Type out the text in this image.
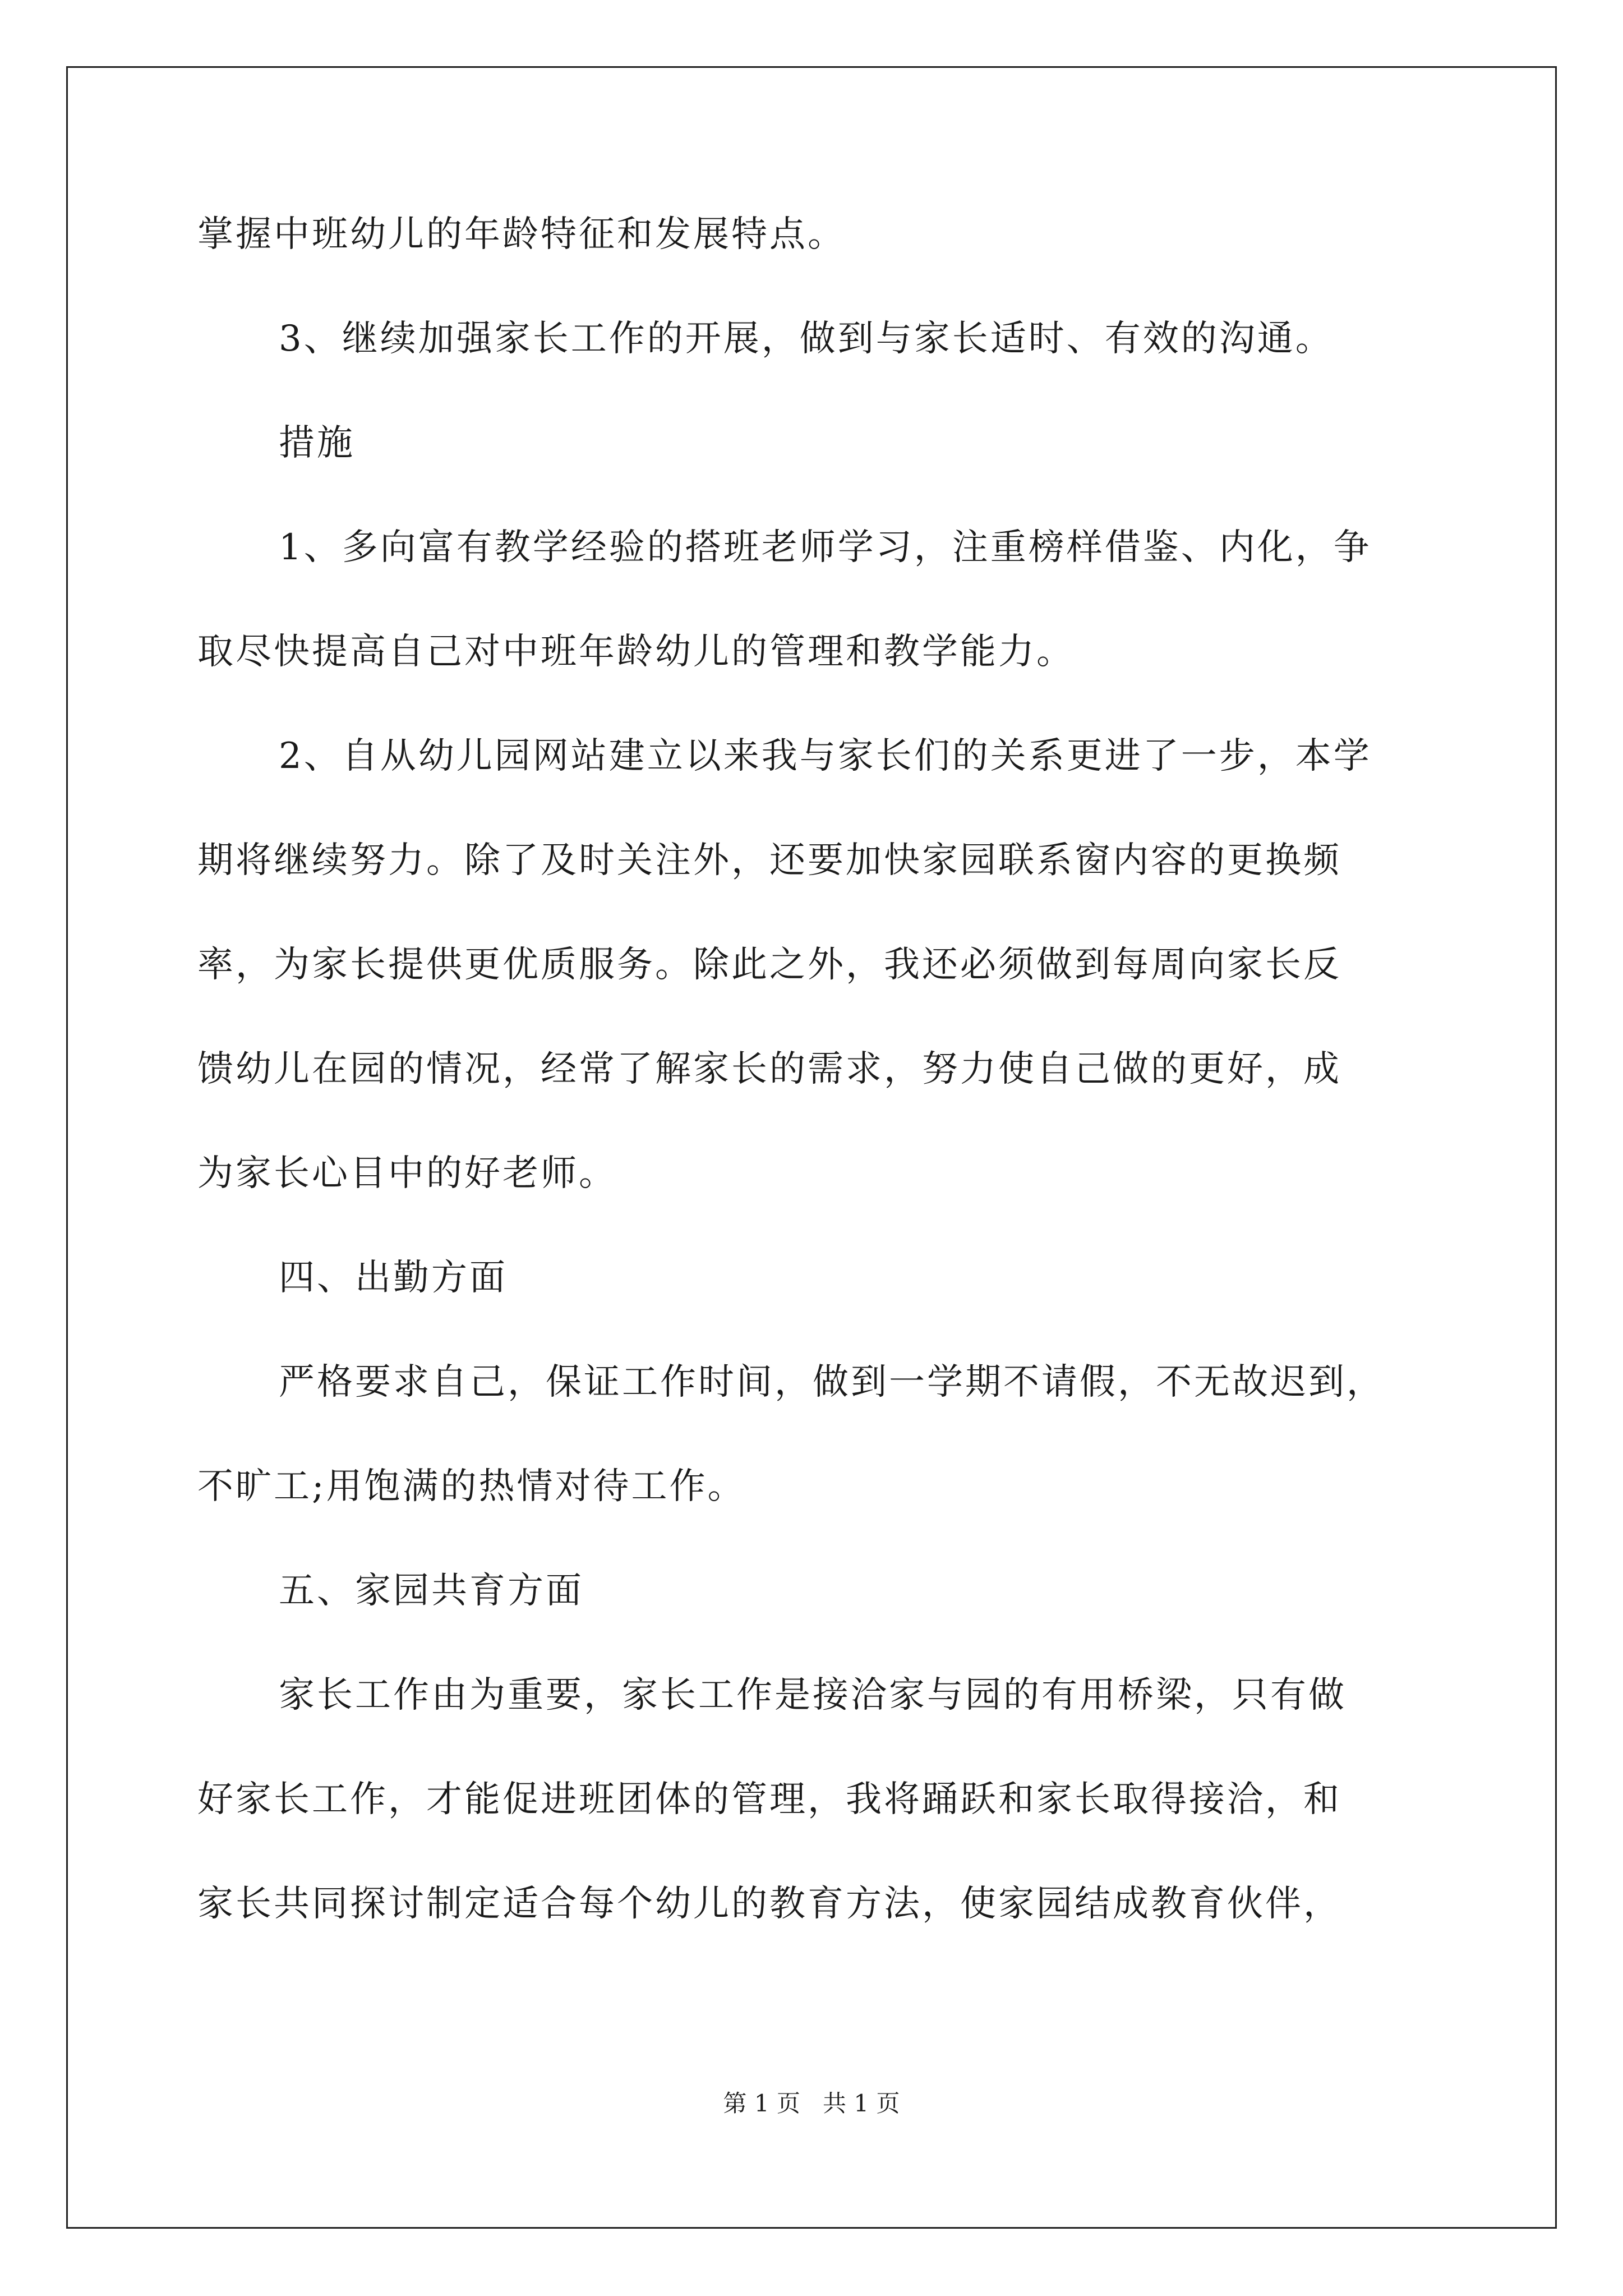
掌握中班幼儿的年龄特征和发展特点。
3、继续加强家长工作的开展，做到与家长适时、有效的沟通。
措施
1、多向富有教学经验的搭班老师学习，注重榜样借鉴、内化，争
取尽快提高自己对中班年龄幼儿的管理和教学能力。
2、自从幼儿园网站建立以来我与家长们的关系更进了一步，本学
期将继续努力。除了及时关注外，还要加快家园联系窗内容的更换频
率，为家长提供更优质服务。除此之外，我还必须做到每周向家长反
馈幼儿在园的情况，经常了解家长的需求，努力使自己做的更好，成
为家长心目中的好老师。
四、出勤方面
严格要求自己，保证工作时间，做到一学期不请假，不无故迟到，
不旷工;用饱满的热情对待工作。
五、家园共育方面
家长工作由为重要，家长工作是接洽家与园的有用桥梁，只有做
好家长工作，才能促进班团体的管理，我将踊跃和家长取得接洽，和
家长共同探讨制定适合每个幼儿的教育方法，使家园结成教育伙伴，
第 1 页   共 1 页
